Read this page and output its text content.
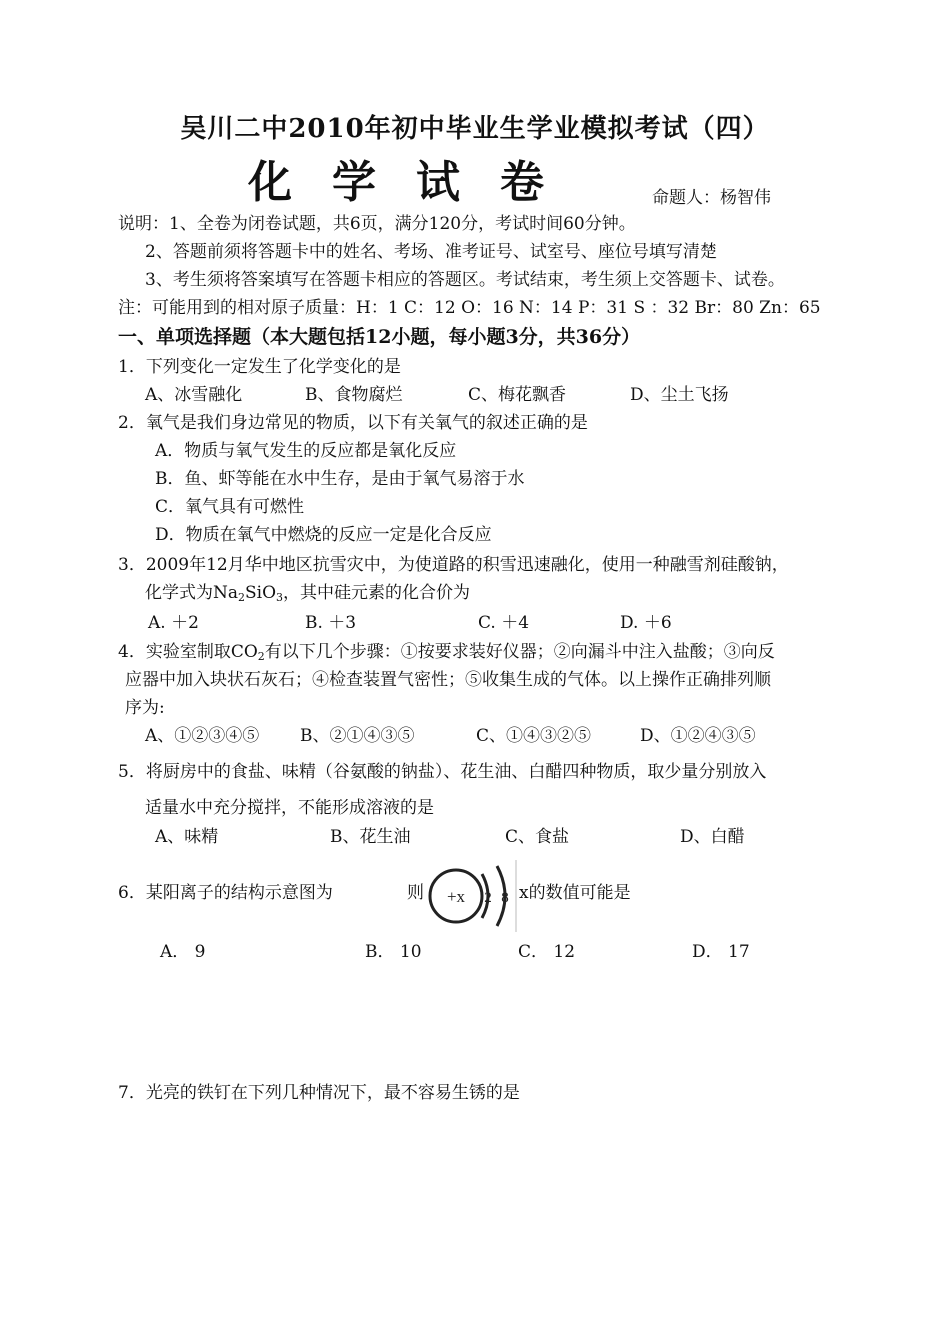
吴川二中2010年初中毕业生学业模拟考试（四）
化学试卷	命题人：杨智伟
说明：1、全卷为闭卷试题，共6页，满分120分，考试时间60分钟。
2、答题前须将答题卡中的姓名、考场、准考证号、试室号、座位号填写清楚
3、考生须将答案填写在答题卡相应的答题区。考试结束，考生须上交答题卡、试卷。
注：可能用到的相对原子质量：H：1 C：12 O：16 N：14 P：31 S ：32 Br：80 Zn：65
一、单项选择题（本大题包括12小题，每小题3分，共36分）
1．下列变化一定发生了化学变化的是
A、冰雪融化	B、食物腐烂	C、梅花飘香	D、尘土飞扬
2．氧气是我们身边常见的物质，以下有关氧气的叙述正确的是
A．物质与氧气发生的反应都是氧化反应
B．鱼、虾等能在水中生存，是由于氧气易溶于水
C．氧气具有可燃性
D．物质在氧气中燃烧的反应一定是化合反应
3．2009年12月华中地区抗雪灾中，为使道路的积雪迅速融化，使用一种融雪剂硅酸钠，
化学式为$Na_2SiO_3$，其中硅元素的化合价为
A. ＋2	B. ＋3	C. ＋4	D. ＋6
4．实验室制取$CO_2$有以下几个步骤：①按要求装好仪器；②向漏斗中注入盐酸；③向反
应器中加入块状石灰石；④检查装置气密性；⑤收集生成的气体。以上操作正确排列顺
序为:
A、①②③④⑤ B、②①④③⑤	C、①④③②⑤	D、①②④③⑤
5．将厨房中的食盐、味精（谷氨酸的钠盐）、花生油、白醋四种物质，取少量分别放入
适量水中充分搅拌，不能形成溶液的是
A、味精	B、花生油	C、食盐	D、白醋
6．某阳离子的结构示意图为	则	x的数值可能是
+x 2 8
A． 9	B． 10	C． 12	D． 17
7．光亮的铁钉在下列几种情况下，最不容易生锈的是
